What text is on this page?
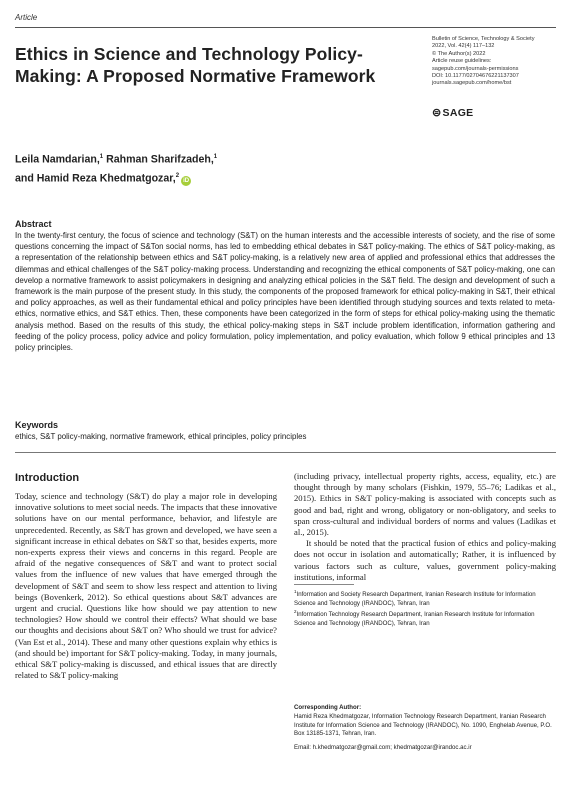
Article
Ethics in Science and Technology Policy-Making: A Proposed Normative Framework
Bulletin of Science, Technology & Society
2022, Vol. 42(4) 117–132
© The Author(s) 2022
Article reuse guidelines:
sagepub.com/journals-permissions
DOI: 10.1177/02704676221137307
journals.sagepub.com/home/bst
⊜ SAGE
Leila Namdarian,$^1$ Rahman Sharifzadeh,$^1$
and Hamid Reza Khedmatgozar,$^2$iD
Abstract
In the twenty-first century, the focus of science and technology (S&T) on the human interests and the accessible interests of society, and the rise of some questions concerning the impact of S&Ton social norms, has led to embedding ethical debates in S&T policy-making. The ethics of S&T policy-making, as a representation of the relationship between ethics and S&T policy-making, is a relatively new area of applied and professional ethics that addresses the dilemmas and ethical challenges of the S&T policy-making process. Understanding and recognizing the ethical components of S&T policy-making, one can develop a normative framework to assist policymakers in designing and analyzing ethical policies in the S&T field. The design and development of such a framework is the main purpose of the present study. In this study, the components of the proposed framework for ethical policy-making in S&T, their ethical and policy approaches, as well as their fundamental ethical and policy principles have been identified through studying sources and texts related to meta-ethics, normative ethics, and S&T ethics. Then, these components have been categorized in the form of steps for ethical policy-making using the thematic analysis method. Based on the results of this study, the ethical policy-making steps in S&T include problem identification, information gathering and feeding of the policy process, policy advice and policy formulation, policy implementation, and policy evaluation, which follow 9 ethical principles and 13 policy principles.
Keywords
ethics, S&T policy-making, normative framework, ethical principles, policy principles
Introduction

Today, science and technology (S&T) do play a major role in developing innovative solutions to meet social needs. The impacts that these innovative solutions have on our mental performance, behavior, and lifestyle are unprecedented. Recently, as S&T has grown and developed, we have seen a significant increase in ethical debates on S&T so that, besides experts, more non-experts express their views and concerns in this regard. People are afraid of the negative consequences of S&T and want to protect social values from the influence of new values that have emerged through the development of S&T and seem to show less respect and attention to living beings (Bovenkerk, 2012). So ethical questions about S&T advances are urgent and crucial. Questions like how should we pay attention to new technologies? How should we control their effects? What should we base our thoughts and decisions about S&T on? Who should we trust for advice? (Van Est et al., 2014). These and many other questions explain why ethics is (and should be) important for S&T policy-making. Today, in many journals, ethical S&T policy-making is discussed, and ethical issues that are directly related to S&T policy-making

(including privacy, intellectual property rights, access, equality, etc.) are thought through by many scholars (Fishkin, 1979, 55–76; Ladikas et al., 2015). Ethics in S&T policy-making is associated with concepts such as good and bad, right and wrong, obligatory or non-obligatory, and seeks to span cross-cultural and individual borders of norms and values (Ladikas et al., 2015).

It should be noted that the practical fusion of ethics and policy-making does not occur in isolation and automatically; Rather, it is influenced by various factors such as culture, values, government policy-making institutions, informal

$^1$Information and Society Research Department, Iranian Research Institute for Information Science and Technology (IRANDOC), Tehran, Iran
$^2$Information Technology Research Department, Iranian Research Institute for Information Science and Technology (IRANDOC), Tehran, Iran
Corresponding Author:
Hamid Reza Khedmatgozar, Information Technology Research Department, Iranian Research Institute for Information Science and Technology (IRANDOC), No. 1090, Enghelab Avenue, P.O. Box 13185-1371, Tehran, Iran.
Email: h.khedmatgozar@gmail.com; khedmatgozar@irandoc.ac.ir
